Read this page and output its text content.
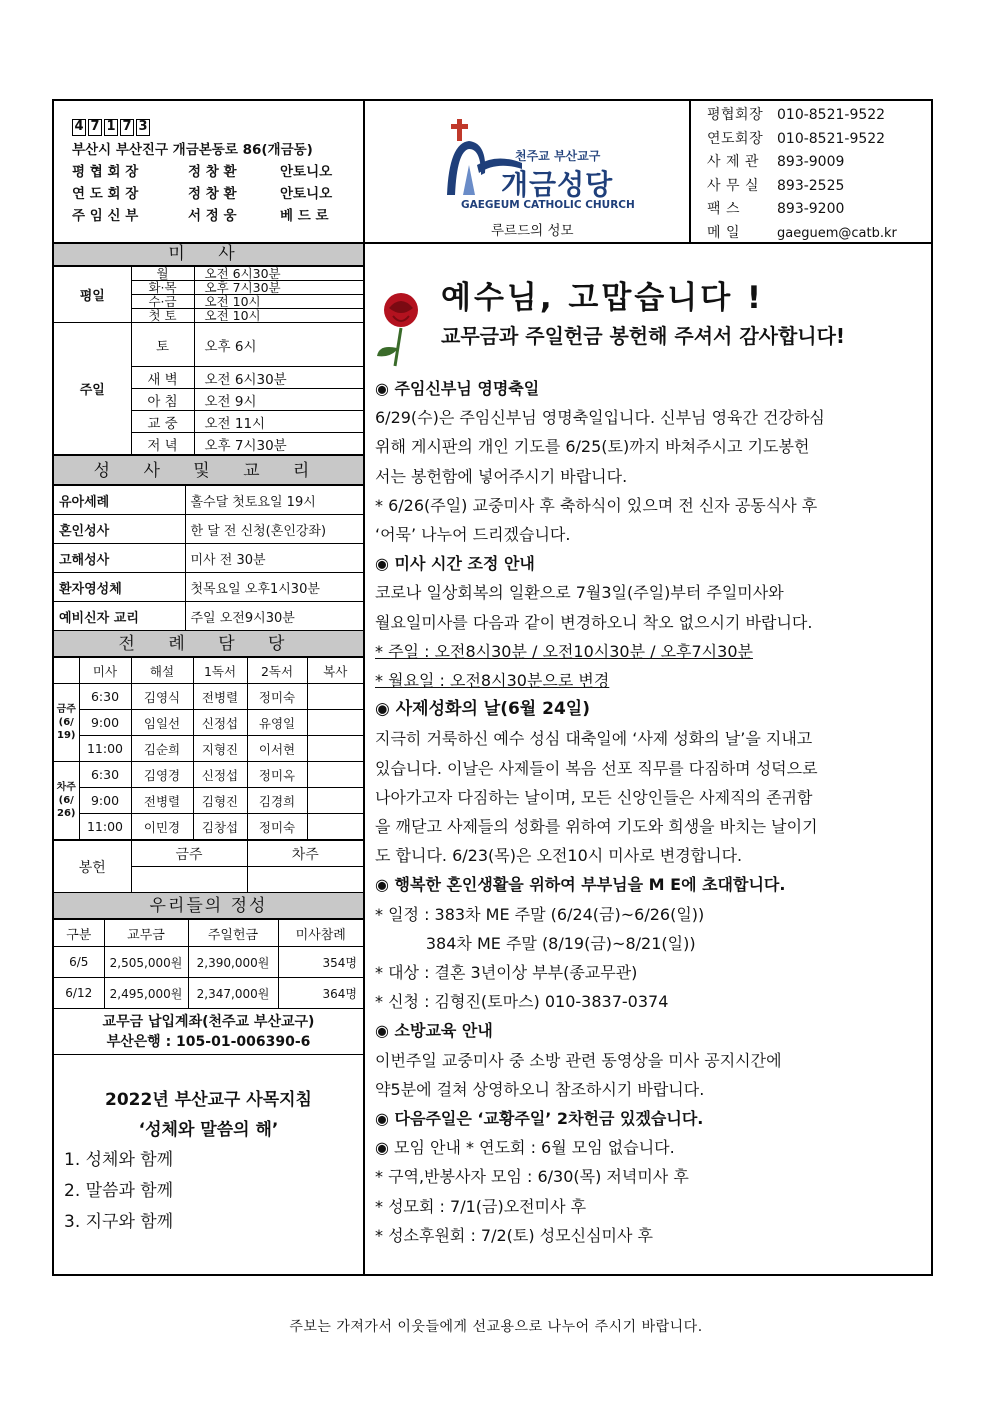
4 7 1 7 3
부산시 부산진구 개금본동로 86(개금동)
평 협 회 장	정 창 환	안토니오
연 도 회 장	정 창 환	안토니오
주 임 신 부	서 정 웅	베 드 로
천주교 부산교구
개금성당
GAEGEUM CATHOLIC CHURCH
루르드의 성모
평협회장 010-8521-9522
연도회장 010-8521-9522
사 제 관 893-9009
사 무 실 893-2525
팩 스	893-9200
메 일	gaeguem@catb.kr
미 사
평일	월	오전 6시30분
	화·목	오후 7시30분
	수·금	오전 10시
	첫 토	오전 10시
주일	토	오후 6시
	새 벽	오전 6시30분
	아 침	오전 9시
	교 중	오전 11시
	저 녁	오후 7시30분
성 사 및 교 리
유아세례	홀수달 첫토요일 19시
혼인성사	한 달 전 신청(혼인강좌)
고해성사	미사 전 30분
환자영성체	첫목요일 오후1시30분
예비신자 교리	주일 오전9시30분
전 례 담 당
	미사	해설	1독서	2독서	복사
금주(6/19)	6:30	김영식	전병렬	정미숙	
	9:00	임일선	신정섭	유영일	
	11:00	김순희	지형진	이서현	
차주(6/26)	6:30	김영경	신정섭	정미옥	
	9:00	전병렬	김형진	김경희	
	11:00	이민경	김창섭	정미숙	
봉헌	금주	차주

우리들의 정성
구분	교무금	주일헌금	미사참례
6/5	2,505,000원	2,390,000원	354명
6/12	2,495,000원	2,347,000원	364명
교무금 납입계좌(천주교 부산교구)
부산은행 : 105-01-006390-6
2022년 부산교구 사목지침
‘성체와 말씀의 해’
1. 성체와 함께
2. 말씀과 함께
3. 지구와 함께
예수님, 고맙습니다 !
교무금과 주일헌금 봉헌해 주셔서 감사합니다!

◉ 주임신부님 영명축일

6/29(수)은 주임신부님 영명축일입니다. 신부님 영육간 건강하심

위해 게시판의 개인 기도를 6/25(토)까지 바쳐주시고 기도봉헌

서는 봉헌함에 넣어주시기 바랍니다.

* 6/26(주일) 교중미사 후 축하식이 있으며 전 신자 공동식사 후

‘어묵’ 나누어 드리겠습니다.

◉ 미사 시간 조정 안내

코로나 일상회복의 일환으로 7월3일(주일)부터 주일미사와

월요일미사를 다음과 같이 변경하오니 착오 없으시기 바랍니다.

* 주일 : 오전8시30분 / 오전10시30분 / 오후7시30분

* 월요일 : 오전8시30분으로 변경

◉ 사제성화의 날(6월 24일)

지극히 거룩하신 예수 성심 대축일에 ‘사제 성화의 날’을 지내고

있습니다. 이날은 사제들이 복음 선포 직무를 다짐하며 성덕으로

나아가고자 다짐하는 날이며, 모든 신앙인들은 사제직의 존귀함

을 깨닫고 사제들의 성화를 위하여 기도와 희생을 바치는 날이기

도 합니다. 6/23(목)은 오전10시 미사로 변경합니다.

◉ 행복한 혼인생활을 위하여 부부님을 M E에 초대합니다.

* 일정 : 383차 ME 주말 (6/24(금)~6/26(일))

384차 ME 주말 (8/19(금)~8/21(일))

* 대상 : 결혼 3년이상 부부(종교무관)

* 신청 : 김형진(토마스) 010-3837-0374

◉ 소방교육 안내

이번주일 교중미사 중 소방 관련 동영상을 미사 공지시간에

약5분에 걸쳐 상영하오니 참조하시기 바랍니다.

◉ 다음주일은 ‘교황주일’ 2차헌금 있겠습니다.

◉ 모임 안내 * 연도회 : 6월 모임 없습니다.

* 구역,반봉사자 모임 : 6/30(목) 저녁미사 후

* 성모회 : 7/1(금)오전미사 후

* 성소후원회 : 7/2(토) 성모신심미사 후

주보는 가져가서 이웃들에게 선교용으로 나누어 주시기 바랍니다.
